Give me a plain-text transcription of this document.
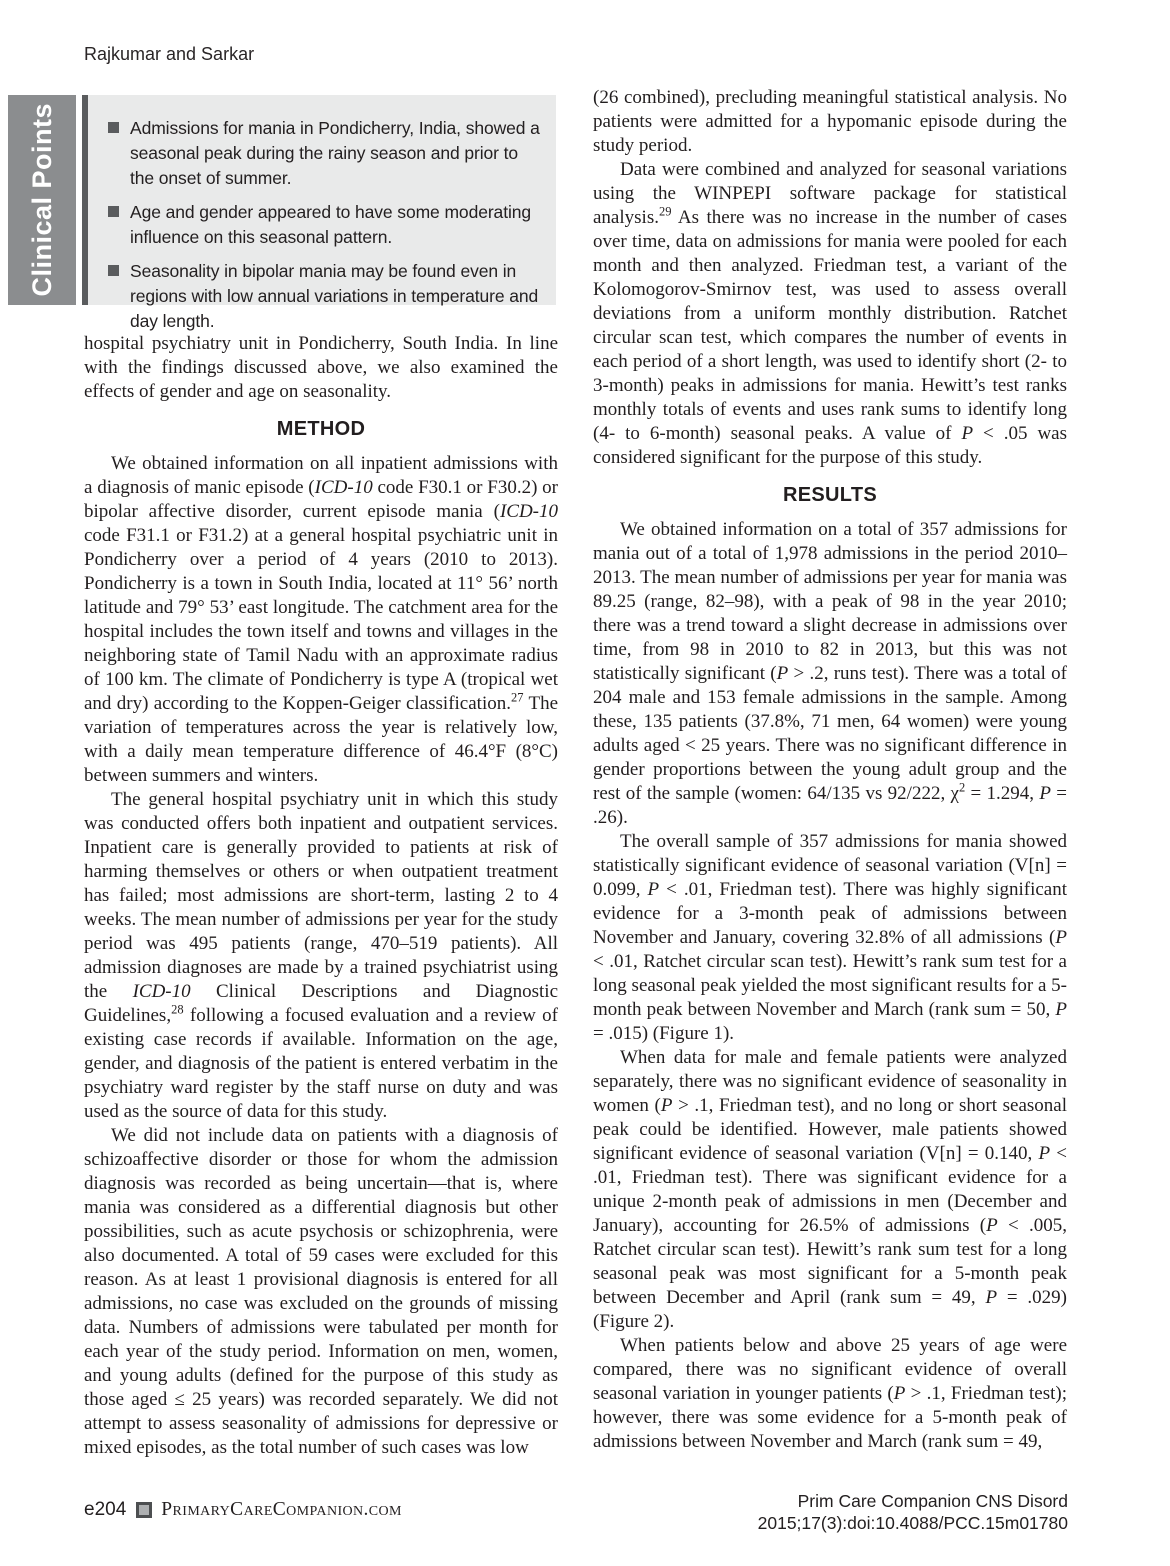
Rajkumar and Sarkar
Clinical Points	Admissions for mania in Pondicherry, India, showed a seasonal peak during the rainy season and prior to the onset of summer.
Age and gender appeared to have some moderating influence on this seasonal pattern.
Seasonality in bipolar mania may be found even in regions with low annual variations in temperature and day length.

hospital psychiatry unit in Pondicherry, South India. In line with the findings discussed above, we also examined the effects of gender and age on seasonality.

METHOD

We obtained information on all inpatient admissions with a diagnosis of manic episode (ICD-10 code F30.1 or F30.2) or bipolar affective disorder, current episode mania (ICD-10 code F31.1 or F31.2) at a general hospital psychiatric unit in Pondicherry over a period of 4 years (2010 to 2013). Pondicherry is a town in South India, located at 11° 56’ north latitude and 79° 53’ east longitude. The catchment area for the hospital includes the town itself and towns and villages in the neighboring state of Tamil Nadu with an approximate radius of 100 km. The climate of Pondicherry is type A (tropical wet and dry) according to the Koppen-Geiger classification.$^{27}$ The variation of temperatures across the year is relatively low, with a daily mean temperature difference of 46.4°F (8°C) between summers and winters.

The general hospital psychiatry unit in which this study was conducted offers both inpatient and outpatient services. Inpatient care is generally provided to patients at risk of harming themselves or others or when outpatient treatment has failed; most admissions are short-term, lasting 2 to 4 weeks. The mean number of admissions per year for the study period was 495 patients (range, 470–519 patients). All admission diagnoses are made by a trained psychiatrist using the ICD-10 Clinical Descriptions and Diagnostic Guidelines,$^{28}$ following a focused evaluation and a review of existing case records if available. Information on the age, gender, and diagnosis of the patient is entered verbatim in the psychiatry ward register by the staff nurse on duty and was used as the source of data for this study.

We did not include data on patients with a diagnosis of schizoaffective disorder or those for whom the admission diagnosis was recorded as being uncertain—that is, where mania was considered as a differential diagnosis but other possibilities, such as acute psychosis or schizophrenia, were also documented. A total of 59 cases were excluded for this reason. As at least 1 provisional diagnosis is entered for all admissions, no case was excluded on the grounds of missing data. Numbers of admissions were tabulated per month for each year of the study period. Information on men, women, and young adults (defined for the purpose of this study as those aged ≤ 25 years) was recorded separately. We did not attempt to assess seasonality of admissions for depressive or mixed episodes, as the total number of such cases was low

(26 combined), precluding meaningful statistical analysis. No patients were admitted for a hypomanic episode during the study period.

Data were combined and analyzed for seasonal variations using the WINPEPI software package for statistical analysis.$^{29}$ As there was no increase in the number of cases over time, data on admissions for mania were pooled for each month and then analyzed. Friedman test, a variant of the Kolomogorov-Smirnov test, was used to assess overall deviations from a uniform monthly distribution. Ratchet circular scan test, which compares the number of events in each period of a short length, was used to identify short (2- to 3-month) peaks in admissions for mania. Hewitt’s test ranks monthly totals of events and uses rank sums to identify long (4- to 6-month) seasonal peaks. A value of P < .05 was considered significant for the purpose of this study.

RESULTS

We obtained information on a total of 357 admissions for mania out of a total of 1,978 admissions in the period 2010–2013. The mean number of admissions per year for mania was 89.25 (range, 82–98), with a peak of 98 in the year 2010; there was a trend toward a slight decrease in admissions over time, from 98 in 2010 to 82 in 2013, but this was not statistically significant (P > .2, runs test). There was a total of 204 male and 153 female admissions in the sample. Among these, 135 patients (37.8%, 71 men, 64 women) were young adults aged < 25 years. There was no significant difference in gender proportions between the young adult group and the rest of the sample (women: 64/135 vs 92/222, $\chi^2 = 1.294$, P = .26).

The overall sample of 357 admissions for mania showed statistically significant evidence of seasonal variation (V[n] = 0.099, P < .01, Friedman test). There was highly significant evidence for a 3-month peak of admissions between November and January, covering 32.8% of all admissions (P < .01, Ratchet circular scan test). Hewitt’s rank sum test for a long seasonal peak yielded the most significant results for a 5-month peak between November and March (rank sum = 50, P = .015) (Figure 1).

When data for male and female patients were analyzed separately, there was no significant evidence of seasonality in women (P > .1, Friedman test), and no long or short seasonal peak could be identified. However, male patients showed significant evidence of seasonal variation (V[n] = 0.140, P < .01, Friedman test). There was significant evidence for a unique 2-month peak of admissions in men (December and January), accounting for 26.5% of admissions (P < .005, Ratchet circular scan test). Hewitt’s rank sum test for a long seasonal peak was most significant for a 5-month peak between December and April (rank sum = 49, P = .029) (Figure 2).

When patients below and above 25 years of age were compared, there was no significant evidence of overall seasonal variation in younger patients (P > .1, Friedman test); however, there was some evidence for a 5-month peak of admissions between November and March (rank sum = 49,

e204 PrimaryCareCompanion.com	Prim Care Companion CNS Disord
2015;17(3):doi:10.4088/PCC.15m01780
